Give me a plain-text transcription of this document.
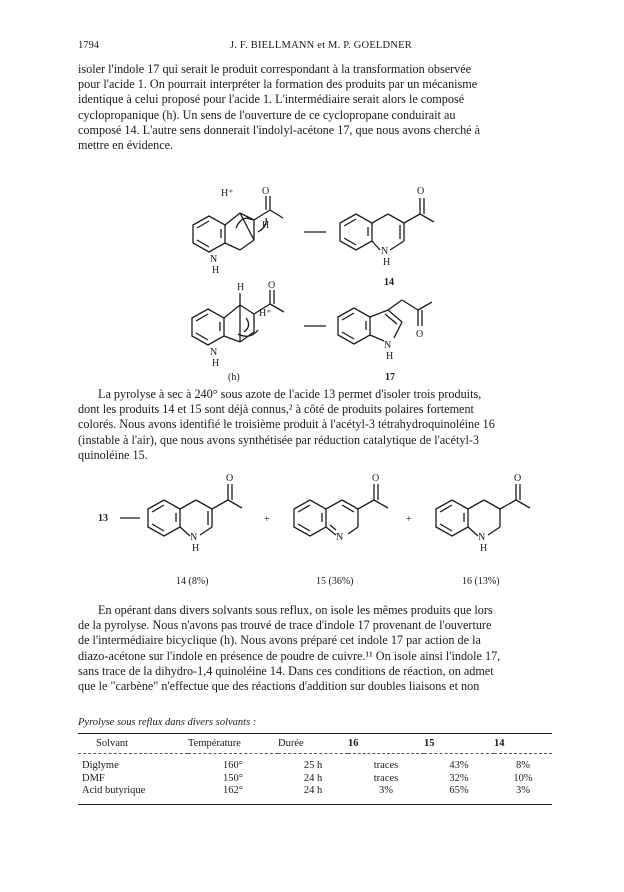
1794	J. F. BIELLMANN et M. P. GOELDNER

isoler l'indole 17 qui serait le produit correspondant à la transformation observée

pour l'acide 1. On pourrait interpréter la formation des produits par un mécanisme

identique à celui proposé pour l'acide 1. L'intermédiaire serait alors le composé

cyclopropanique (h). Un sens de l'ouverture de ce cyclopropane conduirait au

composé 14. L'autre sens donnerait l'indolyl-acétone 17, que nous avons cherché à

mettre en évidence.

H⁺	O
H
N
H
N
H
O
14
H O
H⁺
N
H
N
H
O
(h)	17
13
O
N
H
+
O
N
+
O
N
H
14 (8%)	15 (36%)	16 (13%)

La pyrolyse à sec à 240° sous azote de l'acide 13 permet d'isoler trois produits,

dont les produits 14 et 15 sont déjà connus,² à côté de produits polaires fortement

colorés. Nous avons identifié le troisième produit à l'acétyl-3 tétrahydroquinoléine 16

(instable à l'air), que nous avons synthétisée par réduction catalytique de l'acétyl-3

quinoléine 15.

En opérant dans divers solvants sous reflux, on isole les mêmes produits que lors

de la pyrolyse. Nous n'avons pas trouvé de trace d'indole 17 provenant de l'ouverture

de l'intermédiaire bicyclique (h). Nous avons préparé cet indole 17 par action de la

diazo-acétone sur l'indole en présence de poudre de cuivre.¹¹ On isole ainsi l'indole 17,

sans trace de la dihydro-1,4 quinoléine 14. Dans ces conditions de réaction, on admet

que le "carbène" n'effectue que des réactions d'addition sur doubles liaisons et non

Pyrolyse sous reflux dans divers solvants :
Solvant	Température	Durée	16	15	14
Diglyme	160°	25 h	traces	43%	8%
DMF	150°	24 h	traces	32%	10%
Acid butyrique	162°	24 h	3%	65%	3%
